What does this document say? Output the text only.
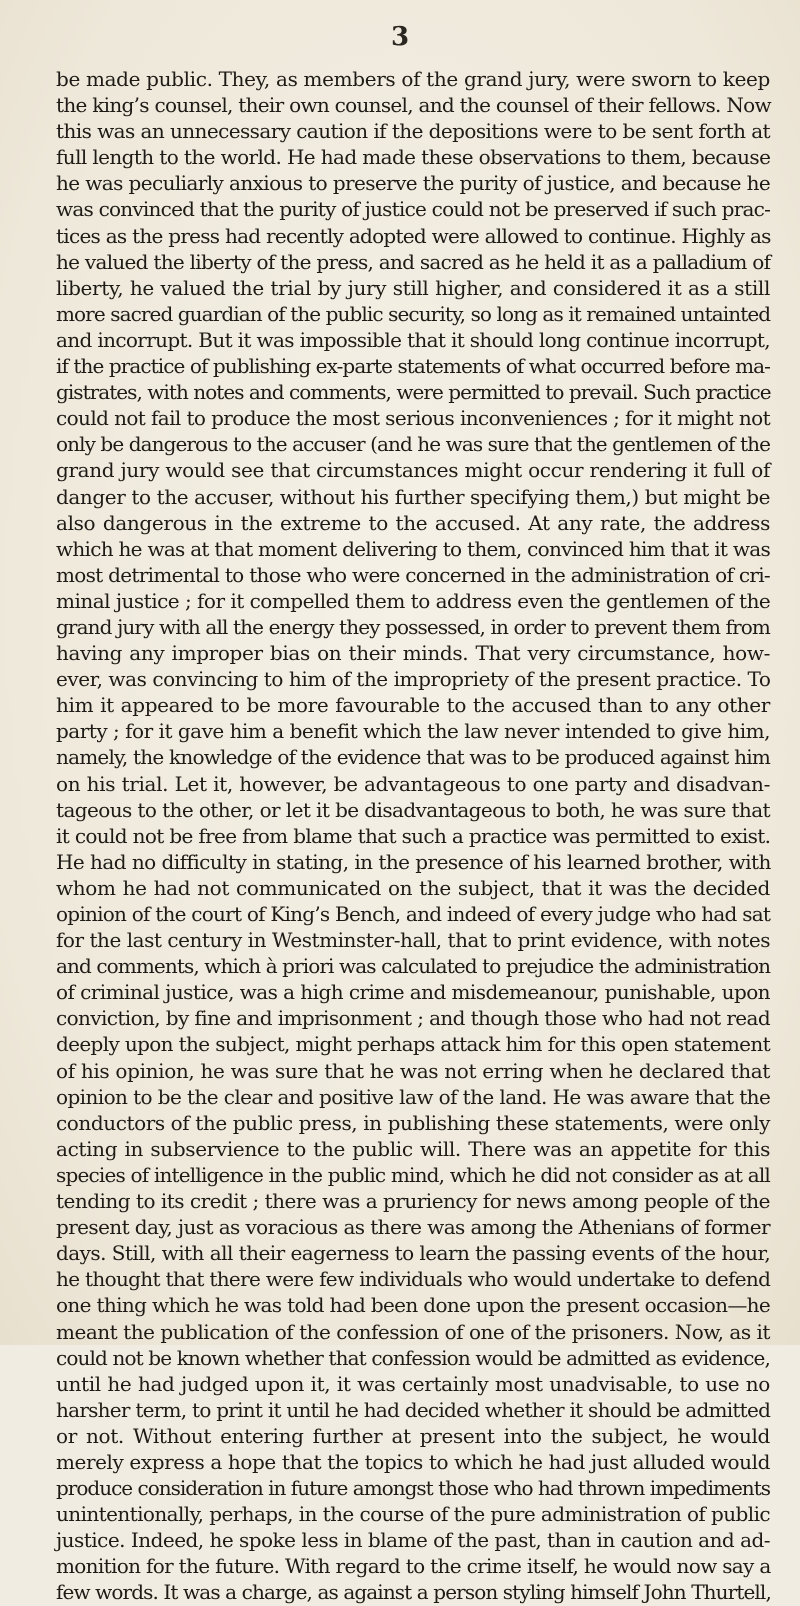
3
be made public. They, as members of the grand jury, were sworn to keep
the king’s counsel, their own counsel, and the counsel of their fellows. Now
this was an unnecessary caution if the depositions were to be sent forth at
full length to the world. He had made these observations to them, because
he was peculiarly anxious to preserve the purity of justice, and because he
was convinced that the purity of justice could not be preserved if such prac-
tices as the press had recently adopted were allowed to continue. Highly as
he valued the liberty of the press, and sacred as he held it as a palladium of
liberty, he valued the trial by jury still higher, and considered it as a still
more sacred guardian of the public security, so long as it remained untainted
and incorrupt. But it was impossible that it should long continue incorrupt,
if the practice of publishing ex-parte statements of what occurred before ma-
gistrates, with notes and comments, were permitted to prevail. Such practice
could not fail to produce the most serious inconveniences ; for it might not
only be dangerous to the accuser (and he was sure that the gentlemen of the
grand jury would see that circumstances might occur rendering it full of
danger to the accuser, without his further specifying them,) but might be
also dangerous in the extreme to the accused. At any rate, the address
which he was at that moment delivering to them, convinced him that it was
most detrimental to those who were concerned in the administration of cri-
minal justice ; for it compelled them to address even the gentlemen of the
grand jury with all the energy they possessed, in order to prevent them from
having any improper bias on their minds. That very circumstance, how-
ever, was convincing to him of the impropriety of the present practice. To
him it appeared to be more favourable to the accused than to any other
party ; for it gave him a benefit which the law never intended to give him,
namely, the knowledge of the evidence that was to be produced against him
on his trial. Let it, however, be advantageous to one party and disadvan-
tageous to the other, or let it be disadvantageous to both, he was sure that
it could not be free from blame that such a practice was permitted to exist.
He had no difficulty in stating, in the presence of his learned brother, with
whom he had not communicated on the subject, that it was the decided
opinion of the court of King’s Bench, and indeed of every judge who had sat
for the last century in Westminster-hall, that to print evidence, with notes
and comments, which à priori was calculated to prejudice the administration
of criminal justice, was a high crime and misdemeanour, punishable, upon
conviction, by fine and imprisonment ; and though those who had not read
deeply upon the subject, might perhaps attack him for this open statement
of his opinion, he was sure that he was not erring when he declared that
opinion to be the clear and positive law of the land. He was aware that the
conductors of the public press, in publishing these statements, were only
acting in subservience to the public will. There was an appetite for this
species of intelligence in the public mind, which he did not consider as at all
tending to its credit ; there was a pruriency for news among people of the
present day, just as voracious as there was among the Athenians of former
days. Still, with all their eagerness to learn the passing events of the hour,
he thought that there were few individuals who would undertake to defend
one thing which he was told had been done upon the present occasion—he
meant the publication of the confession of one of the prisoners. Now, as it
could not be known whether that confession would be admitted as evidence,
until he had judged upon it, it was certainly most unadvisable, to use no
harsher term, to print it until he had decided whether it should be admitted
or not. Without entering further at present into the subject, he would
merely express a hope that the topics to which he had just alluded would
produce consideration in future amongst those who had thrown impediments
unintentionally, perhaps, in the course of the pure administration of public
justice. Indeed, he spoke less in blame of the past, than in caution and ad-
monition for the future. With regard to the crime itself, he would now say a
few words. It was a charge, as against a person styling himself John Thurtell,
